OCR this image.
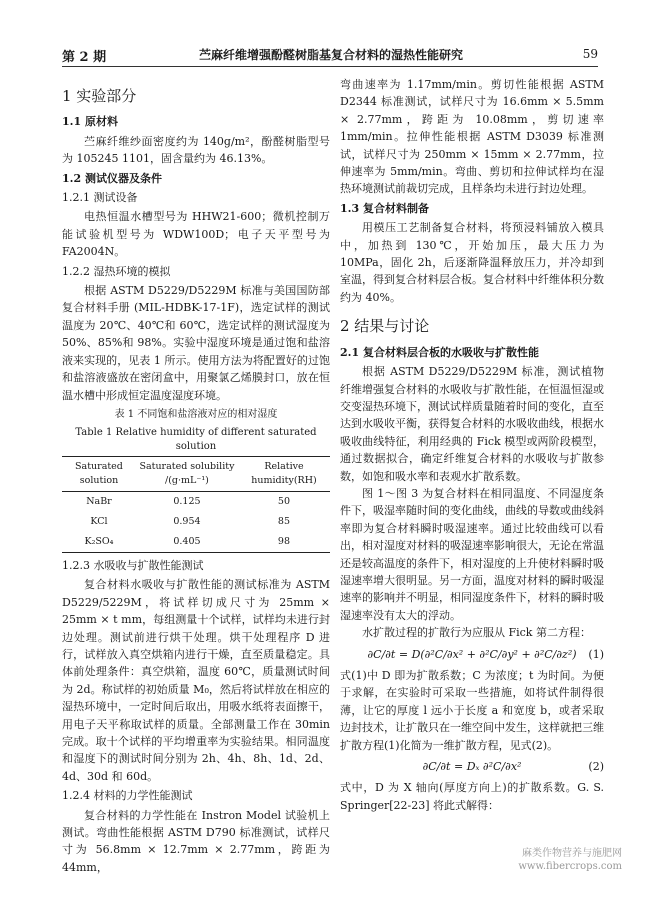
第 2 期	苎麻纤维增强酚醛树脂基复合材料的湿热性能研究	59

1 实验部分

1.1 原材料

苎麻纤维纱面密度约为 140g/m²，酚醛树脂型号为 105245 1101，固含量约为 46.13%。

1.2 测试仪器及条件

1.2.1 测试设备

电热恒温水槽型号为 HHW21-600；微机控制万能试验机型号为 WDW100D；电子天平型号为 FA2004N。

1.2.2 湿热环境的模拟

根据 ASTM D5229/D5229M 标准与美国国防部复合材料手册 (MIL-HDBK-17-1F)，选定试样的测试温度为 20℃、40℃和 60℃，选定试样的测试湿度为 50%、85%和 98%。实验中湿度环境是通过饱和盐溶液来实现的，见表 1 所示。使用方法为将配置好的过饱和盐溶液盛放在密闭盒中，用聚氯乙烯膜封口，放在恒温水槽中形成恒定温度湿度环境。

表 1 不同饱和盐溶液对应的相对湿度

Table 1 Relative humidity of different saturated solution

Saturated solution	Saturated solubility /(g·mL⁻¹)	Relative humidity(RH)
NaBr	0.125	50
KCl	0.954	85
K₂SO₄	0.405	98

1.2.3 水吸收与扩散性能测试

复合材料水吸收与扩散性能的测试标准为 ASTM D5229/5229M，将试样切成尺寸为 25mm × 25mm × t mm，每组测量十个试样，试样均未进行封边处理。测试前进行烘干处理。烘干处理程序 D 进行，试样放入真空烘箱内进行干燥，直至质量稳定。具体前处理条件：真空烘箱，温度 60℃，质量测试时间为 2d。称试样的初始质量 M₀，然后将试样放在相应的湿热环境中，一定时间后取出，用吸水纸将表面擦干，用电子天平称取试样的质量。全部测量工作在 30min 完成。取十个试样的平均增重率为实验结果。相同温度和湿度下的测试时间分别为 2h、4h、8h、1d、2d、4d、30d 和 60d。

1.2.4 材料的力学性能测试

复合材料的力学性能在 Instron Model 试验机上测试。弯曲性能根据 ASTM D790 标准测试，试样尺寸为 56.8mm × 12.7mm × 2.77mm，跨距为 44mm，

弯曲速率为 1.17mm/min。剪切性能根据 ASTM D2344 标准测试，试样尺寸为 16.6mm × 5.5mm × 2.77mm，跨距为 10.08mm，剪切速率 1mm/min。拉伸性能根据 ASTM D3039 标准测试，试样尺寸为 250mm × 15mm × 2.77mm，拉伸速率为 5mm/min。弯曲、剪切和拉伸试样均在湿热环境测试前裁切完成，且样条均未进行封边处理。

1.3 复合材料制备

用模压工艺制备复合材料，将预浸料铺放入模具中，加热到 130℃，开始加压，最大压力为 10MPa，固化 2h，后逐渐降温释放压力，并冷却到室温，得到复合材料层合板。复合材料中纤维体积分数约为 40%。

2 结果与讨论

2.1 复合材料层合板的水吸收与扩散性能

根据 ASTM D5229/D5229M 标准，测试植物纤维增强复合材料的水吸收与扩散性能，在恒温恒湿或交变湿热环境下，测试试样质量随着时间的变化，直至达到水吸收平衡，获得复合材料的水吸收曲线，根据水吸收曲线特征，利用经典的 Fick 模型或两阶段模型，通过数据拟合，确定纤维复合材料的水吸收与扩散参数，如饱和吸水率和表观水扩散系数。

图 1～图 3 为复合材料在相同温度、不同湿度条件下，吸湿率随时间的变化曲线，曲线的导数或曲线斜率即为复合材料瞬时吸湿速率。通过比较曲线可以看出，相对湿度对材料的吸湿速率影响很大，无论在常温还是较高温度的条件下，相对湿度的上升使材料瞬时吸湿速率增大很明显。另一方面，温度对材料的瞬时吸湿速率的影响并不明显，相同湿度条件下，材料的瞬时吸湿速率没有太大的浮动。

水扩散过程的扩散行为应服从 Fick 第二方程：

∂C/∂t = D(∂²C/∂x² + ∂²C/∂y² + ∂²C/∂z²) (1)

式(1)中 D 即为扩散系数；C 为浓度；t 为时间。为便于求解，在实验时可采取一些措施，如将试件制得很薄，让它的厚度 l 远小于长度 a 和宽度 b，或者采取边封技术，让扩散只在一维空间中发生，这样就把三维扩散方程(1)化简为一维扩散方程，见式(2)。

∂C/∂t = Dₓ ∂²C/∂x²	(2)

式中，D 为 X 轴向(厚度方向上)的扩散系数。G. S. Springer[22-23] 将此式解得：

麻类作物营养与施肥网
www.fibercrops.com
